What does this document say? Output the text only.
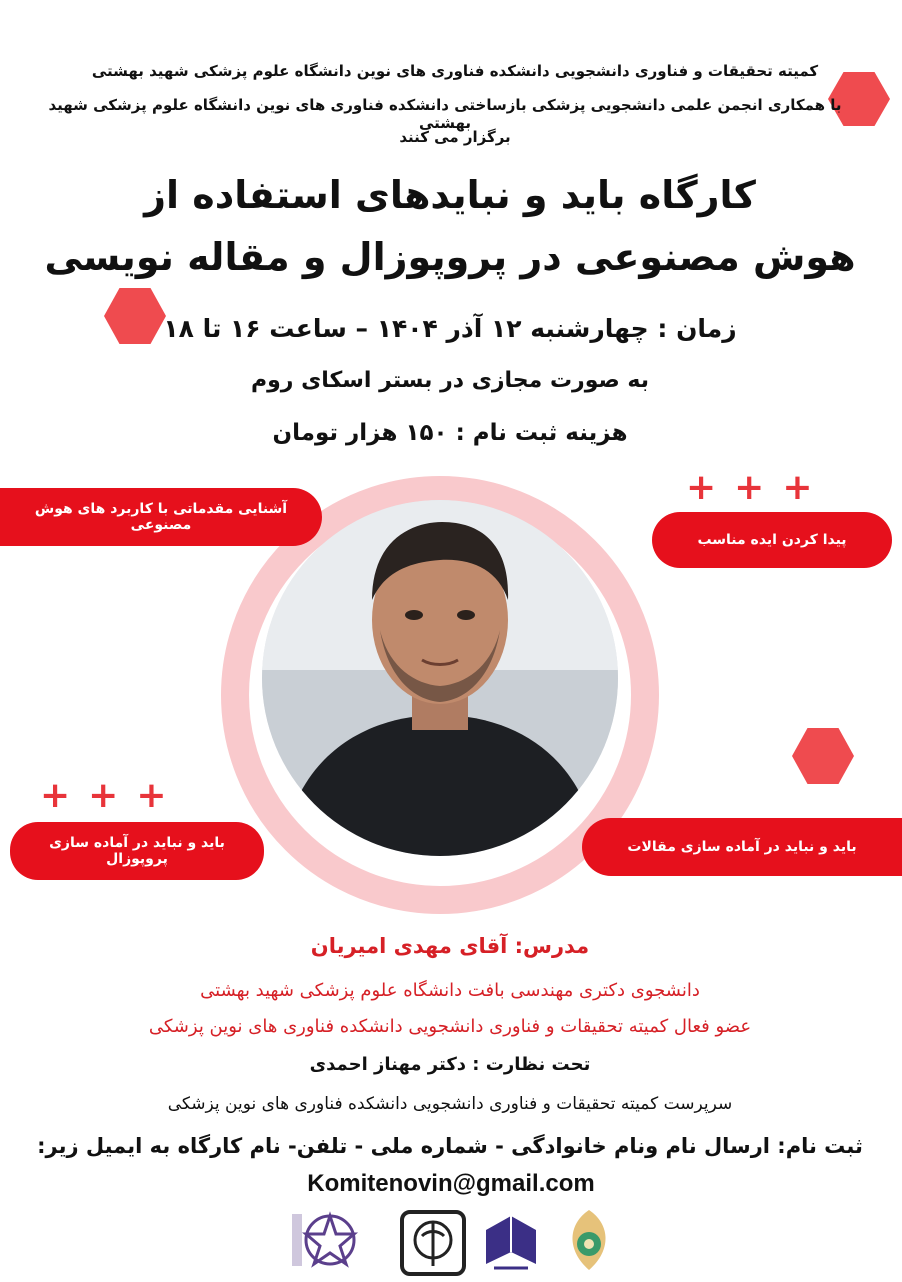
کمیته تحقیقات و فناوری دانشجویی دانشکده فناوری های نوین دانشگاه علوم پزشکی شهید بهشتی
با همکاری انجمن علمی دانشجویی پزشکی بازساختی دانشکده فناوری های نوین دانشگاه علوم پزشکی شهید بهشتی
برگزار می کنند
کارگاه باید و نبایدهای استفاده از
هوش مصنوعی در پروپوزال و مقاله نویسی
زمان : چهارشنبه ۱۲ آذر ۱۴۰۴ – ساعت ۱۶ تا ۱۸
به صورت مجازی در بستر اسکای روم
هزینه ثبت نام : ۱۵۰ هزار تومان
آشنایی مقدماتی با کاربرد های هوش مصنوعی
+++
پیدا کردن ایده مناسب
+++
باید و نباید در آماده سازی پروپوزال
باید و نباید در آماده سازی مقالات
مدرس: آقای مهدی امیریان
دانشجوی دکتری مهندسی بافت دانشگاه علوم پزشکی شهید بهشتی
عضو فعال کمیته تحقیقات و فناوری دانشجویی دانشکده فناوری های نوین پزشکی
تحت نظارت : دکتر مهناز احمدی
سرپرست کمیته تحقیقات و فناوری دانشجویی دانشکده فناوری های نوین پزشکی
ثبت نام: ارسال نام ونام خانوادگی - شماره ملی - تلفن- نام کارگاه به ایمیل زیر:
Komitenovin@gmail.com
